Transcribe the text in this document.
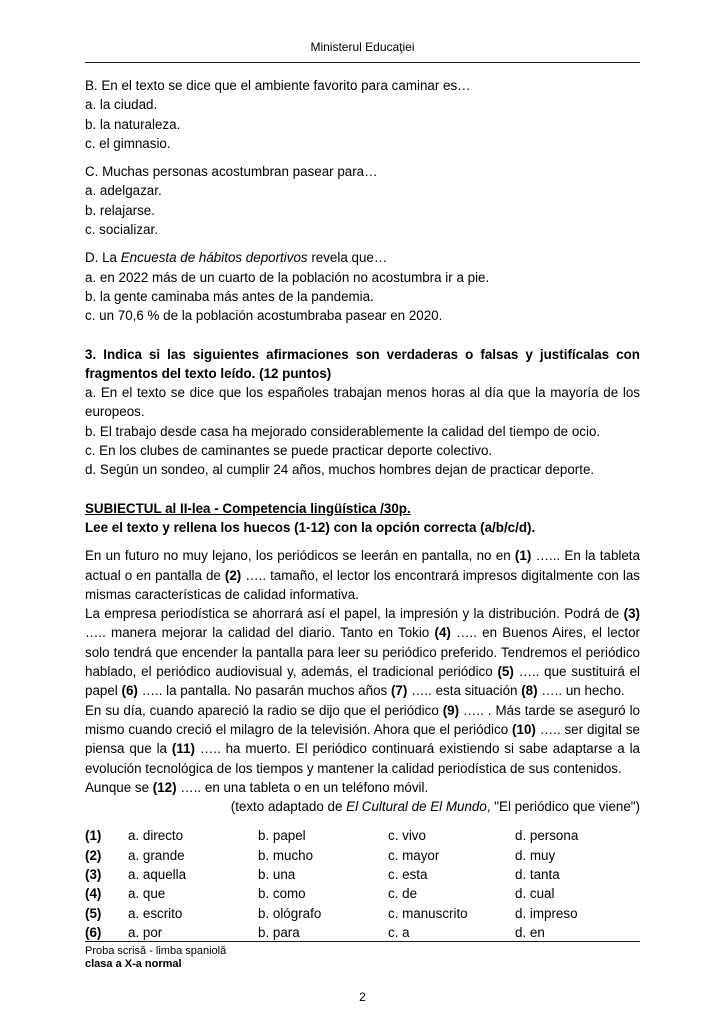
Ministerul Educaţiei
B. En el texto se dice que el ambiente favorito para caminar es…
a. la ciudad.
b. la naturaleza.
c. el gimnasio.
C. Muchas personas acostumbran pasear para…
a. adelgazar.
b. relajarse.
c. socializar.
D. La Encuesta de hábitos deportivos revela que…
a. en 2022 más de un cuarto de la población no acostumbra ir a pie.
b. la gente caminaba más antes de la pandemia.
c. un 70,6 % de la población acostumbraba pasear en 2020.
3. Indica si las siguientes afirmaciones son verdaderas o falsas y justifícalas con fragmentos del texto leído. (12 puntos)
a. En el texto se dice que los españoles trabajan menos horas al día que la mayoría de los europeos.
b. El trabajo desde casa ha mejorado considerablemente la calidad del tiempo de ocio.
c. En los clubes de caminantes se puede practicar deporte colectivo.
d. Según un sondeo, al cumplir 24 años, muchos hombres dejan de practicar deporte.
SUBIECTUL al II-lea - Competencia lingüística /30p.
Lee el texto y rellena los huecos (1-12) con la opción correcta (a/b/c/d).
En un futuro no muy lejano, los periódicos se leerán en pantalla, no en (1) …... En la tableta actual o en pantalla de (2) ….. tamaño, el lector los encontrará impresos digitalmente con las mismas características de calidad informativa.
La empresa periodística se ahorrará así el papel, la impresión y la distribución. Podrá de (3) ….. manera mejorar la calidad del diario. Tanto en Tokio (4) ….. en Buenos Aires, el lector solo tendrá que encender la pantalla para leer su periódico preferido. Tendremos el periódico hablado, el periódico audiovisual y, además, el tradicional periódico (5) ….. que sustituirá el papel (6) ….. la pantalla. No pasarán muchos años (7) ….. esta situación (8) ….. un hecho.
En su día, cuando apareció la radio se dijo que el periódico (9) ….. . Más tarde se aseguró lo mismo cuando creció el milagro de la televisión. Ahora que el periódico (10) ….. ser digital se piensa que la (11) ….. ha muerto. El periódico continuará existiendo si sabe adaptarse a la evolución tecnológica de los tiempos y mantener la calidad periodística de sus contenidos.
Aunque se (12) ….. en una tableta o en un teléfono móvil.
(texto adaptado de El Cultural de El Mundo, "El periódico que viene")
(1)	a. directo	b. papel	c. vivo	d. persona
(2)	a. grande	b. mucho	c. mayor	d. muy
(3)	a. aquella	b. una	c. esta	d. tanta
(4)	a. que	b. como	c. de	d. cual
(5)	a. escrito	b. ológrafo	c. manuscrito	d. impreso
(6)	a. por	b. para	c. a	d. en
Proba scrisă - limba spaniolă
clasa a X-a normal
2
